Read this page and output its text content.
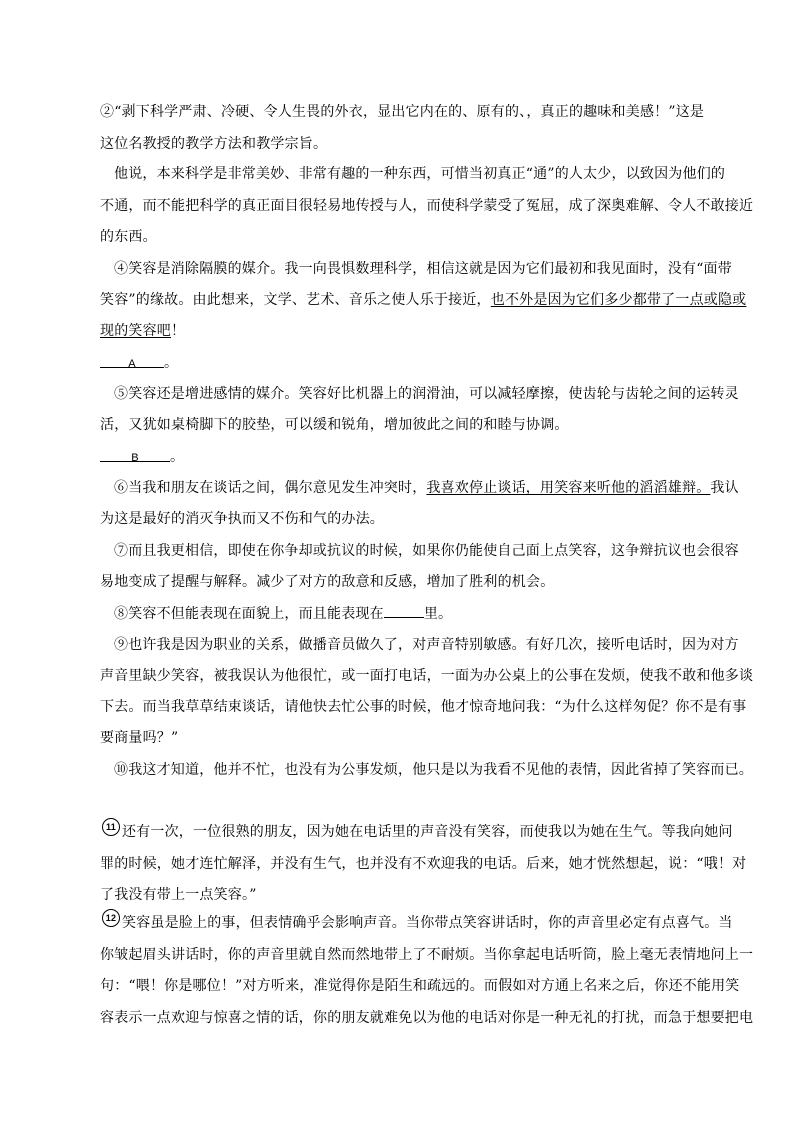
②“剥下科学严肃、冷硬、令人生畏的外衣，显出它内在的、原有的、，真正的趣味和美感！”这是
这位名教授的教学方法和教学宗旨。
他说，本来科学是非常美妙、非常有趣的一种东西，可惜当初真正“通”的人太少，以致因为他们的
不通，而不能把科学的真正面目很轻易地传授与人，而使科学蒙受了冤屈，成了深奥难解、令人不敢接近
的东西。
④笑容是消除隔膜的媒介。我一向畏惧数理科学，相信这就是因为它们最初和我见面时，没有“面带
笑容”的缘故。由此想来，文学、艺术、音乐之使人乐于接近，也不外是因为它们多少都带了一点或隐或
现的笑容吧！
A 。
⑤笑容还是增进感情的媒介。笑容好比机器上的润滑油，可以减轻摩擦，使齿轮与齿轮之间的运转灵
活，又犹如桌椅脚下的胶垫，可以缓和锐角，增加彼此之间的和睦与协调。
B 。
⑥当我和朋友在谈话之间，偶尔意见发生冲突时，我喜欢停止谈话，用笑容来听他的滔滔雄辩。我认
为这是最好的消灭争执而又不伤和气的办法。
⑦而且我更相信，即使在你争却或抗议的时候，如果你仍能使自己面上点笑容，这争辩抗议也会很容
易地变成了提醒与解释。减少了对方的敌意和反感，增加了胜利的机会。
⑧笑容不但能表现在面貌上，而且能表现在	里。
⑨也许我是因为职业的关系，做播音员做久了，对声音特别敏感。有好几次，接听电话时，因为对方
声音里缺少笑容，被我误认为他很忙，或一面打电话，一面为办公桌上的公事在发烦，使我不敢和他多谈
下去。而当我草草结束谈话，请他快去忙公事的时候，他才惊奇地问我：“为什么这样匆促？你不是有事
要商量吗？”
⑩我这才知道，他并不忙，也没有为公事发烦，他只是以为我看不见他的表情，因此省掉了笑容而已。
11 还有一次，一位很熟的朋友，因为她在电话里的声音没有笑容，而使我以为她在生气。等我向她问
罪的时候，她才连忙解泽，并没有生气，也并没有不欢迎我的电话。后来，她才恍然想起，说：“哦！对
了我没有带上一点笑容。”
12 笑容虽是脸上的事，但表情确乎会影响声音。当你带点笑容讲话时，你的声音里必定有点喜气。当
你皱起眉头讲话时，你的声音里就自然而然地带上了不耐烦。当你拿起电话听筒，脸上毫无表情地问上一
句：“喂！你是哪位！”对方听来，准觉得你是陌生和疏远的。而假如对方通上名来之后，你还不能用笑
容表示一点欢迎与惊喜之情的话，你的朋友就难免以为他的电话对你是一种无礼的打扰，而急于想要把电
